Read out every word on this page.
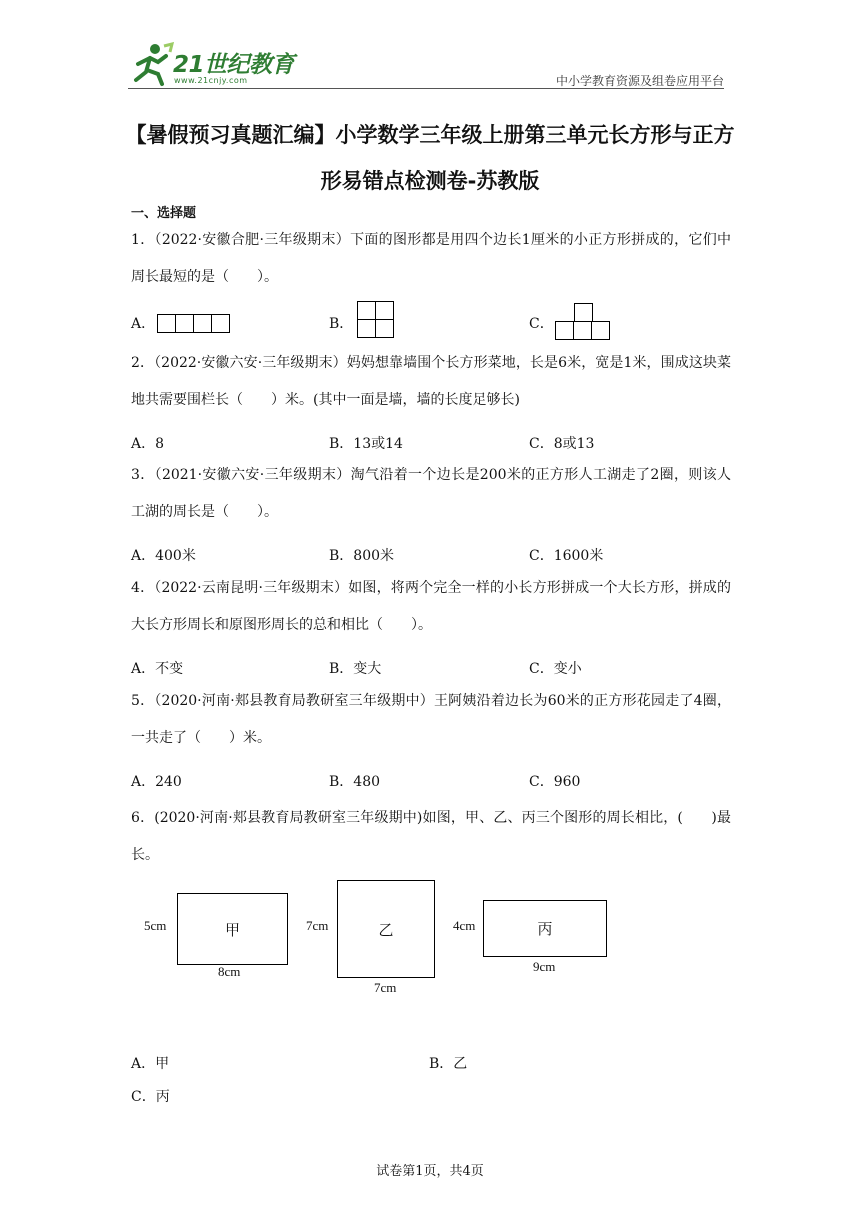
21世纪教育
www.21cnjy.com	中小学教育资源及组卷应用平台
【暑假预习真题汇编】小学数学三年级上册第三单元长方形与正方形易错点检测卷-苏教版
一、选择题
1．（2022·安徽合肥·三年级期末）下面的图形都是用四个边长1厘米的小正方形拼成的，它们中周长最短的是（　　）。
A．	B．	C．
2．（2022·安徽六安·三年级期末）妈妈想靠墙围个长方形菜地，长是6米，宽是1米，围成这块菜地共需要围栏长（　　）米。(其中一面是墙，墙的长度足够长)
A．8	B．13或14	C．8或13
3．（2021·安徽六安·三年级期末）淘气沿着一个边长是200米的正方形人工湖走了2圈，则该人工湖的周长是（　　）。
A．400米	B．800米	C．1600米
4．（2022·云南昆明·三年级期末）如图，将两个完全一样的小长方形拼成一个大长方形，拼成的大长方形周长和原图形周长的总和相比（　　）。
A．不变	B．变大	C．变小
5．（2020·河南·郏县教育局教研室三年级期中）王阿姨沿着边长为60米的正方形花园走了4圈，一共走了（　　）米。
A．240	B．480	C．960
6．(2020·河南·郏县教育局教研室三年级期中)如图，甲、乙、丙三个图形的周长相比，(　　)最长。
5cm	甲
8cm
7cm	乙
7cm
4cm	丙
9cm
A．甲	B．乙
C．丙
试卷第1页，共4页
